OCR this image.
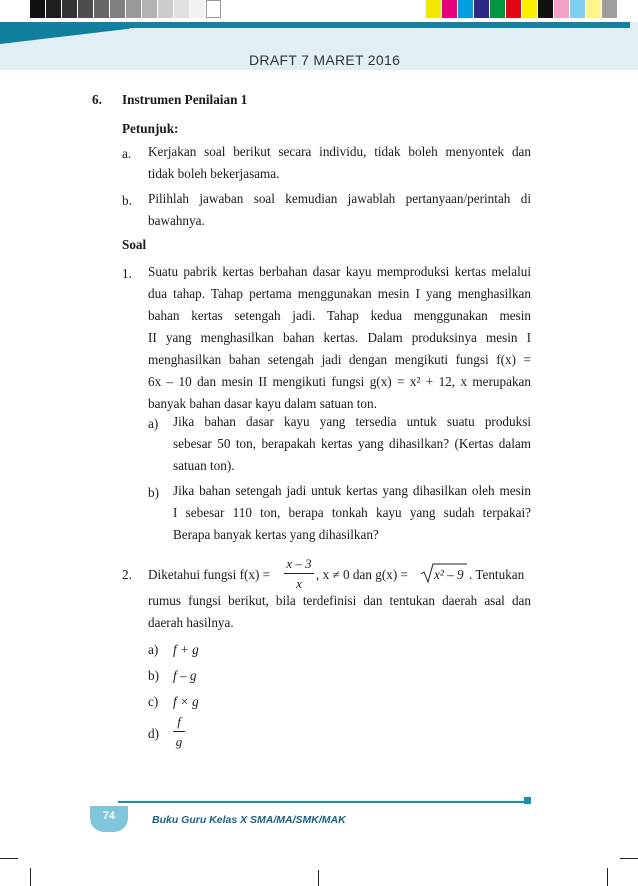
DRAFT 7 MARET 2016
6. Instrumen Penilaian 1
Petunjuk:
a. Kerjakan soal berikut secara individu, tidak boleh menyontek dan
tidak boleh bekerjasama.
b. Pilihlah jawaban soal kemudian jawablah pertanyaan/perintah di
bawahnya.
Soal
1. Suatu pabrik kertas berbahan dasar kayu memproduksi kertas melalui
dua tahap. Tahap pertama menggunakan mesin I yang menghasilkan
bahan kertas setengah jadi. Tahap kedua menggunakan mesin
II yang menghasilkan bahan kertas. Dalam produksinya mesin I
menghasilkan bahan setengah jadi dengan mengikuti fungsi f(x) =
6x – 10 dan mesin II mengikuti fungsi g(x) = x² + 12, x merupakan
banyak bahan dasar kayu dalam satuan ton.
a) Jika bahan dasar kayu yang tersedia untuk suatu produksi
sebesar 50 ton, berapakah kertas yang dihasilkan? (Kertas dalam
satuan ton).
b) Jika bahan setengah jadi untuk kertas yang dihasilkan oleh mesin
I sebesar 110 ton, berapa tonkah kayu yang sudah terpakai?
Berapa banyak kertas yang dihasilkan?
2. Diketahui fungsi f(x) =
x – 3
x
, x ≠ 0 dan g(x) = x² – 9 . Tentukan
rumus fungsi berikut, bila terdefinisi dan tentukan daerah asal dan
daerah hasilnya.
a) f + g
b) f – g
c) f × g
d)
f
g
74	Buku Guru Kelas X SMA/MA/SMK/MAK
